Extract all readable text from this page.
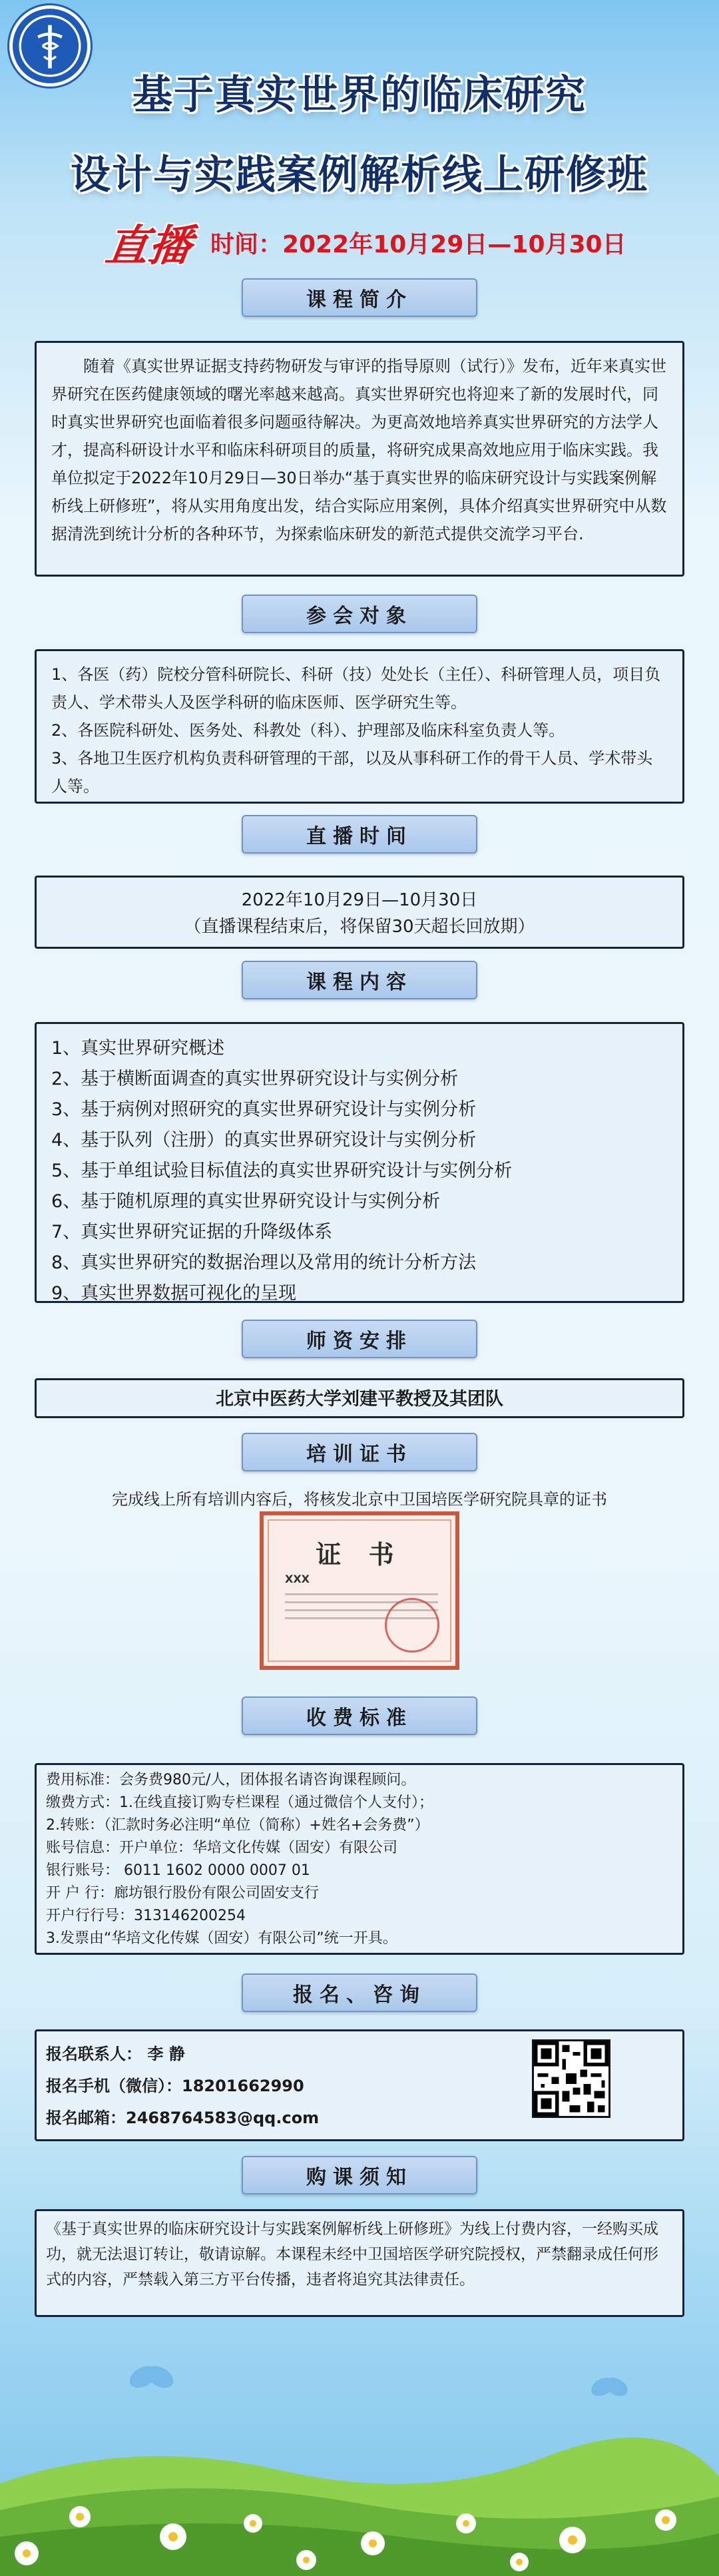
基于真实世界的临床研究
设计与实践案例解析线上研修班
直播 时间：2022年10月29日—10月30日
课程简介

随着《真实世界证据支持药物研发与审评的指导原则（试行）》发布，近年来真实世界研究在医药健康领域的曙光率越来越高。真实世界研究也将迎来了新的发展时代，同时真实世界研究也面临着很多问题亟待解决。为更高效地培养真实世界研究的方法学人才，提高科研设计水平和临床科研项目的质量，将研究成果高效地应用于临床实践。我单位拟定于2022年10月29日—30日举办“基于真实世界的临床研究设计与实践案例解析线上研修班”，将从实用角度出发，结合实际应用案例，具体介绍真实世界研究中从数据清洗到统计分析的各种环节，为探索临床研发的新范式提供交流学习平台.

参会对象

1、各医（药）院校分管科研院长、科研（技）处处长（主任）、科研管理人员，项目负责人、学术带头人及医学科研的临床医师、医学研究生等。

2、各医院科研处、医务处、科教处（科）、护理部及临床科室负责人等。

3、各地卫生医疗机构负责科研管理的干部，以及从事科研工作的骨干人员、学术带头人等。

直播时间

2022年10月29日—10月30日

（直播课程结束后，将保留30天超长回放期）

课程内容

1、真实世界研究概述

2、基于横断面调查的真实世界研究设计与实例分析

3、基于病例对照研究的真实世界研究设计与实例分析

4、基于队列（注册）的真实世界研究设计与实例分析

5、基于单组试验目标值法的真实世界研究设计与实例分析

6、基于随机原理的真实世界研究设计与实例分析

7、真实世界研究证据的升降级体系

8、真实世界研究的数据治理以及常用的统计分析方法

9、真实世界数据可视化的呈现

师资安排

北京中医药大学刘建平教授及其团队

培训证书
完成线上所有培训内容后，将核发北京中卫国培医学研究院具章的证书
证 书
XXX
收费标准

费用标准：会务费980元/人，团体报名请咨询课程顾问。

缴费方式：1.在线直接订购专栏课程（通过微信个人支付）；

2.转账：（汇款时务必注明“单位（简称）+姓名+会务费”）

账号信息：开户单位：华培文化传媒（固安）有限公司

银行账号： 6011 1602 0000 0007 01

开 户 行：廊坊银行股份有限公司固安支行

开户行行号：313146200254

3.发票由“华培文化传媒（固安）有限公司”统一开具。

报名、咨询

报名联系人： 李 静

报名手机（微信）：18201662990

报名邮箱：2468764583@qq.com

购课须知

《基于真实世界的临床研究设计与实践案例解析线上研修班》为线上付费内容，一经购买成功，就无法退订转让，敬请谅解。本课程未经中卫国培医学研究院授权，严禁翻录成任何形式的内容，严禁载入第三方平台传播，违者将追究其法律责任。
